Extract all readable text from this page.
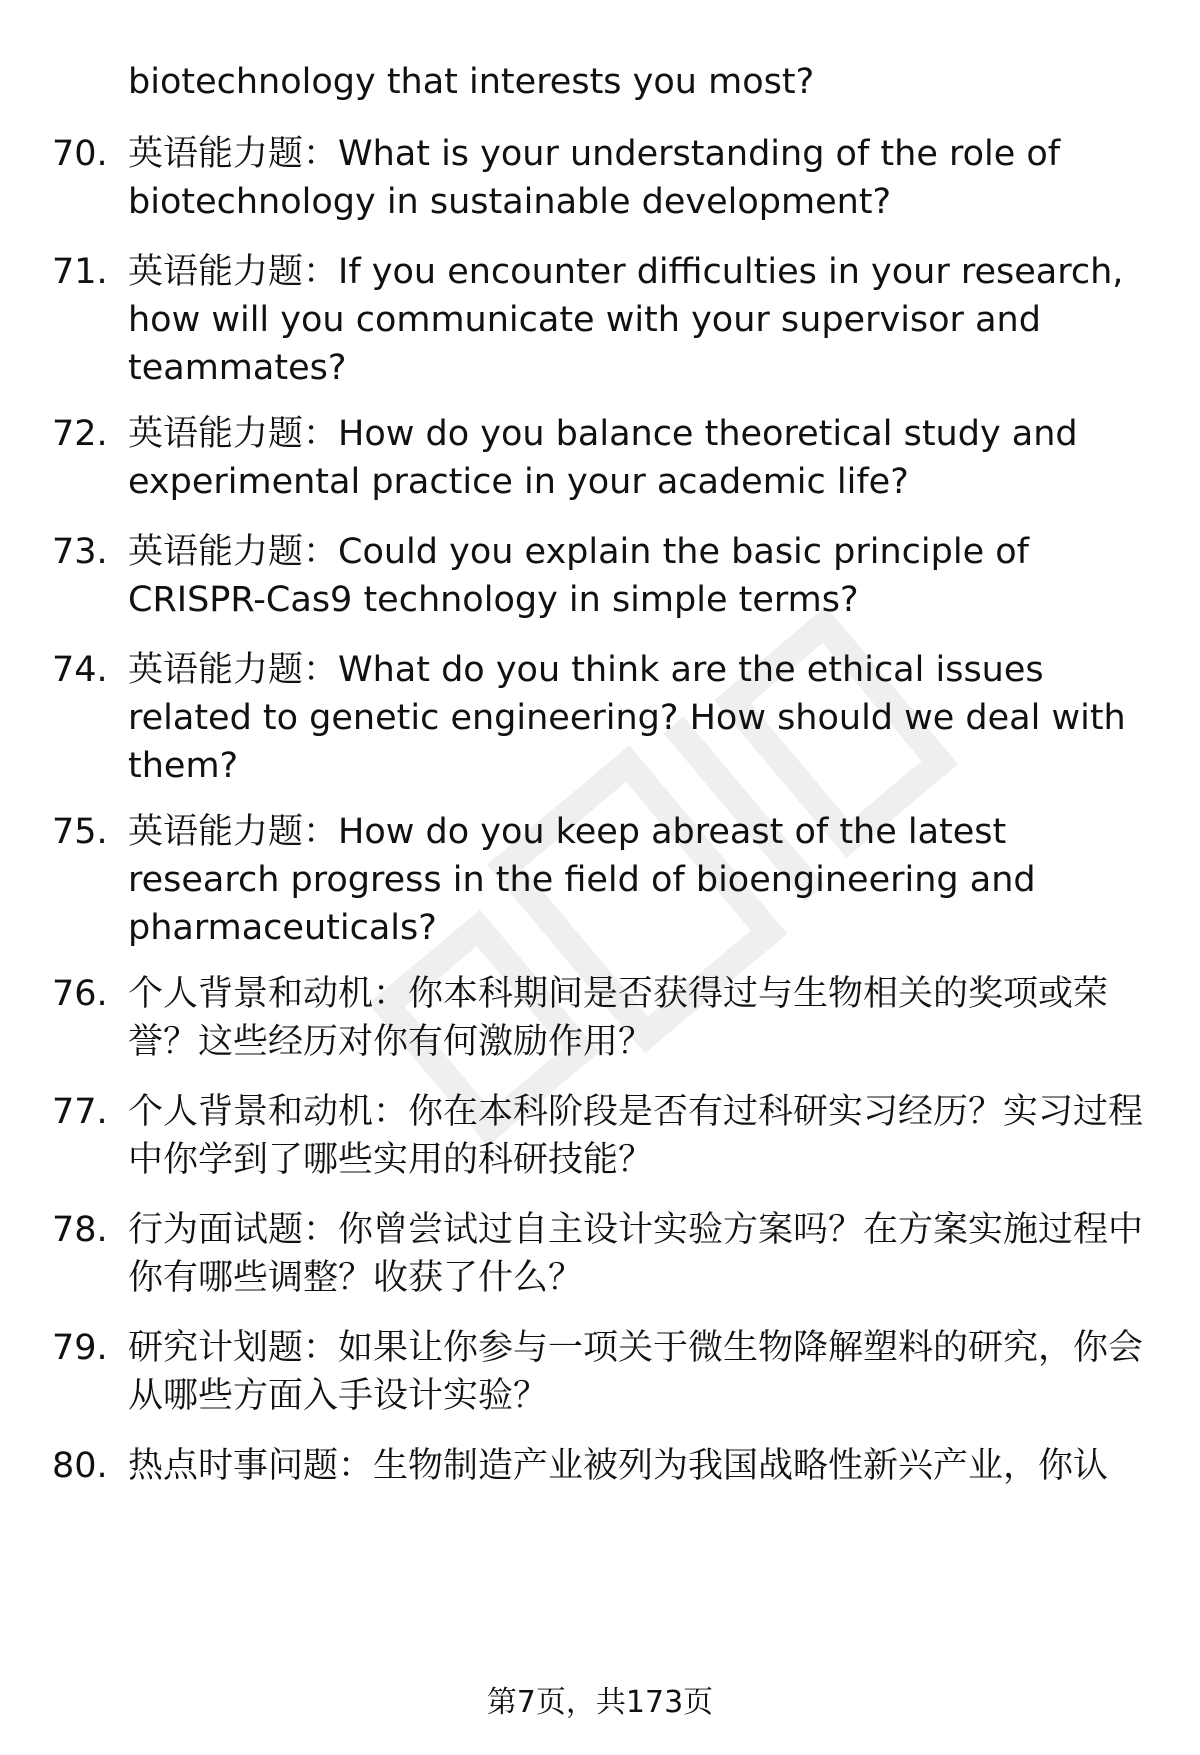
biotechnology that interests you most?

70. 英语能力题：What is your understanding of the role of biotechnology in sustainable development?
71. 英语能力题：If you encounter difficulties in your research, how will you communicate with your supervisor and teammates?
72. 英语能力题：How do you balance theoretical study and experimental practice in your academic life?
73. 英语能力题：Could you explain the basic principle of CRISPR-Cas9 technology in simple terms?
74. 英语能力题：What do you think are the ethical issues related to genetic engineering? How should we deal with them?
75. 英语能力题：How do you keep abreast of the latest research progress in the field of bioengineering and pharmaceuticals?
76. 个人背景和动机：你本科期间是否获得过与生物相关的奖项或荣誉？这些经历对你有何激励作用？
77. 个人背景和动机：你在本科阶段是否有过科研实习经历？实习过程中你学到了哪些实用的科研技能？
78. 行为面试题：你曾尝试过自主设计实验方案吗？在方案实施过程中你有哪些调整？收获了什么？
79. 研究计划题：如果让你参与一项关于微生物降解塑料的研究，你会从哪些方面入手设计实验？
80. 热点时事问题：生物制造产业被列为我国战略性新兴产业，你认

第7页，共173页
